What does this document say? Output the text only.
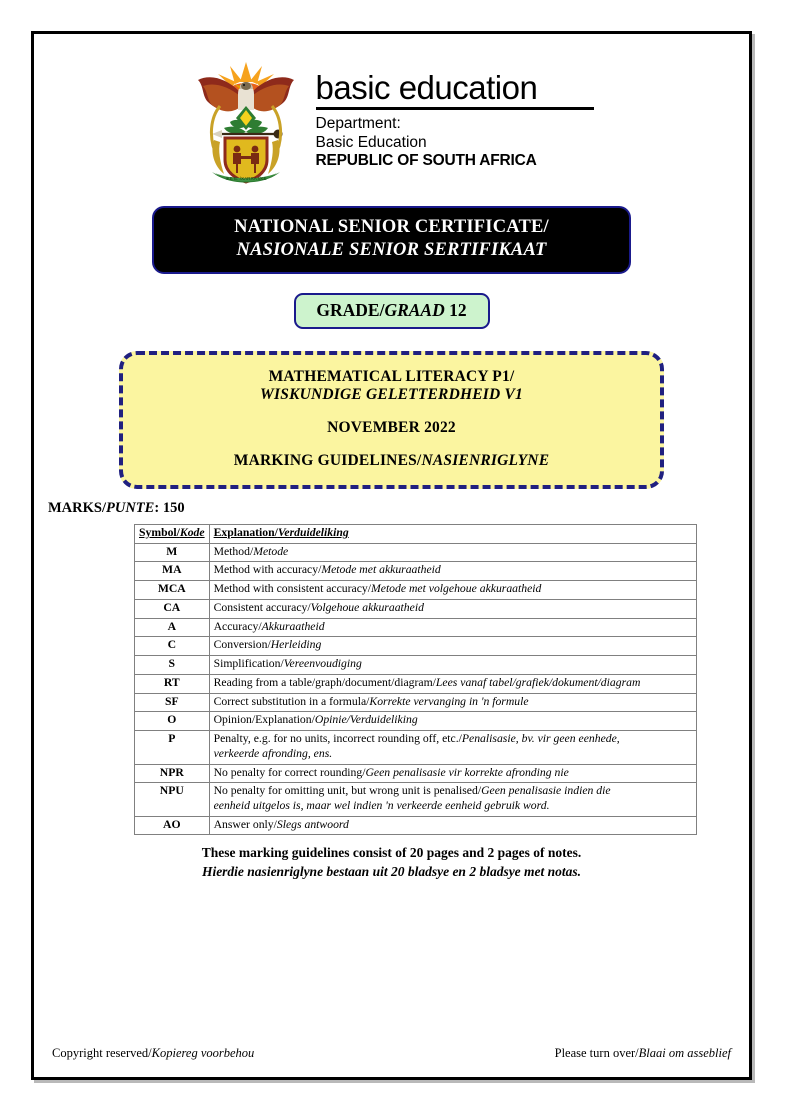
!KE E: /XARRA //KE
basic education
Department:
Basic Education
REPUBLIC OF SOUTH AFRICA
NATIONAL SENIOR CERTIFICATE/
NASIONALE SENIOR SERTIFIKAAT
GRADE/GRAAD 12
MATHEMATICAL LITERACY P1/
WISKUNDIGE GELETTERDHEID V1
NOVEMBER 2022
MARKING GUIDELINES/NASIENRIGLYNE
MARKS/PUNTE: 150
Symbol/Kode	Explanation/Verduideliking
M	Method/Metode
MA	Method with accuracy/Metode met akkuraatheid
MCA	Method with consistent accuracy/Metode met volgehoue akkuraatheid
CA	Consistent accuracy/Volgehoue akkuraatheid
A	Accuracy/Akkuraatheid
C	Conversion/Herleiding
S	Simplification/Vereenvoudiging
RT	Reading from a table/graph/document/diagram/Lees vanaf tabel/grafiek/dokument/diagram
SF	Correct substitution in a formula/Korrekte vervanging in 'n formule
O	Opinion/Explanation/Opinie/Verduideliking
P	Penalty, e.g. for no units, incorrect rounding off, etc./Penalisasie, bv. vir geen eenhede,
verkeerde afronding, ens.
NPR	No penalty for correct rounding/Geen penalisasie vir korrekte afronding nie
NPU	No penalty for omitting unit, but wrong unit is penalised/Geen penalisasie indien die
eenheid uitgelos is, maar wel indien 'n verkeerde eenheid gebruik word.
AO	Answer only/Slegs antwoord
These marking guidelines consist of 20 pages and 2 pages of notes.
Hierdie nasienriglyne bestaan uit 20 bladsye en 2 bladsye met notas.
Copyright reserved/Kopiereg voorbehou	Please turn over/Blaai om asseblief
